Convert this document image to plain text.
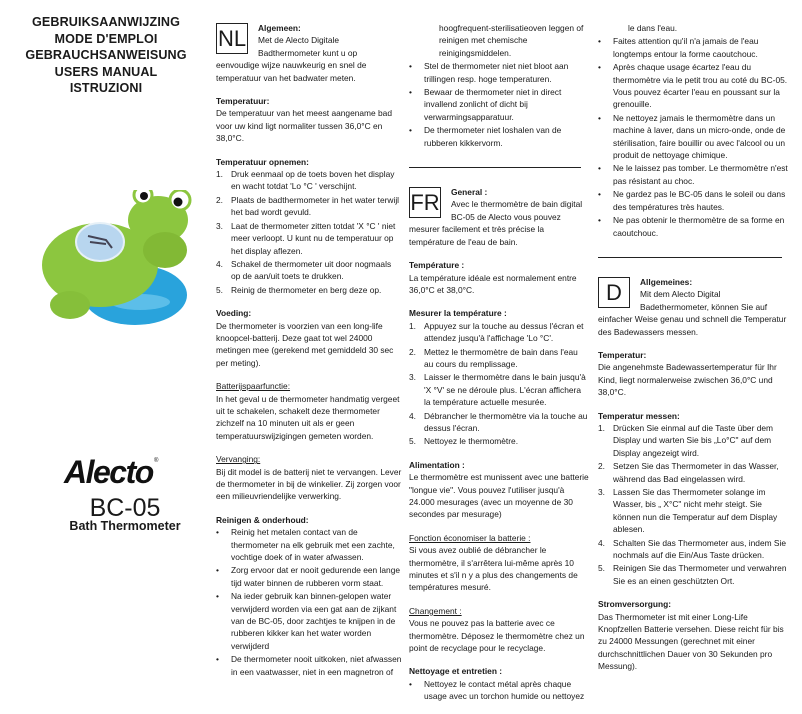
GEBRUIKSAANWIJZING
MODE D'EMPLOI
GEBRAUCHSANWEISUNG
USERS MANUAL
ISTRUZIONI
Alecto ®
BC-05
Bath Thermometer
NL	Algemeen:
Met de Alecto Digitale Badthermometer kunt u op eenvoudige wijze nauwkeurig en snel de temperatuur van het badwater meten.
Temperatuur:
De temperatuur van het meest aangename bad voor uw kind ligt normaliter tussen 36,0°C en 38,0°C.
Temperatuur opnemen:
1. Druk eenmaal op de toets boven het display en wacht totdat 'Lo °C ' verschijnt.
2. Plaats de badthermometer in het water terwijl het bad wordt gevuld.
3. Laat de thermometer zitten totdat 'X °C ' niet meer verloopt. U kunt nu de temperatuur op het display aflezen.
4. Schakel de thermometer uit door nogmaals op de aan/uit toets te drukken.
5. Reinig de thermometer en berg deze op.
Voeding:
De thermometer is voorzien van een long-life knoopcel-batterij. Deze gaat tot wel 24000 metingen mee (gerekend met gemiddeld 30 sec per meting).
Batterijspaarfunctie:
In het geval u de thermometer handmatig vergeet uit te schakelen, schakelt deze thermometer zichzelf na 10 minuten uit als er geen temperatuurswijzigingen gemeten worden.
Vervanging:
Bij dit model is de batterij niet te vervangen. Lever de thermometer in bij de winkelier. Zij zorgen voor een milieuvriendelijke verwerking.
Reinigen & onderhoud:
• Reinig het metalen contact van de thermometer na elk gebruik met een zachte, vochtige doek of in water afwassen.
• Zorg ervoor dat er nooit gedurende een lange tijd water binnen de rubberen vorm staat.
• Na ieder gebruik kan binnen-gelopen water verwijderd worden via een gat aan de zijkant van de BC-05, door zachtjes te knijpen in de rubberen kikker kan het water worden verwijderd
• De thermometer nooit uitkoken, niet afwassen in een vaatwasser, niet in een magnetron of
hoogfrequent-sterilisatieoven leggen of reinigen met chemische reinigingsmiddelen.
• Stel de thermometer niet niet bloot aan trillingen resp. hoge temperaturen.
• Bewaar de thermometer niet in direct invallend zonlicht of dicht bij verwarmingsapparatuur.
• De thermometer niet loshalen van de rubberen kikkervorm.
FR	General :
Avec le thermomètre de bain digital BC-05 de Alecto vous pouvez mesurer facilement et très précise la température de l'eau de bain.
Température :
La température idéale est normalement entre 36,0°C et 38,0°C.
Mesurer la température :
1. Appuyez sur la touche au dessus l'écran et attendez jusqu'à l'affichage 'Lo °C'.
2. Mettez le thermomètre de bain dans l'eau au cours du remplissage.
3. Laisser le thermomètre dans le bain jusqu'à 'X °V' se ne déroule plus. L'écran affichera la température actuelle mesurée.
4. Débrancher le thermomètre via la touche au dessus l'écran.
5. Nettoyez le thermomètre.
Alimentation :
Le thermomètre est munissent avec une batterie "longue vie". Vous pouvez l'utiliser jusqu'à 24.000 mesurages (avec un moyenne de 30 secondes par mesurage)
Fonction économiser la batterie :
Si vous avez oublié de débrancher le thermomètre, il s'arrêtera lui-même après 10 minutes et s'il n y a plus des changements de températures mesuré.
Changement :
Vous ne pouvez pas la batterie avec ce thermomètre. Déposez le thermomètre chez un point de recyclage pour le recyclage.
Nettoyage et entretien :
• Nettoyez le contact métal après chaque usage avec un torchon humide ou nettoyez
le dans l'eau.
• Faites attention qu'il n'a jamais de l'eau longtemps entour la forme caoutchouc.
• Après chaque usage écartez l'eau du thermomètre via le petit trou au coté du BC-05. Vous pouvez écarter l'eau en poussant sur la grenouille.
• Ne nettoyez jamais le thermomètre dans un machine à laver, dans un micro-onde, onde de stérilisation, faire bouillir ou avec l'alcool ou un produit de nettoyage chimique.
• Ne le laissez pas tomber. Le thermomètre n'est pas résistant au choc.
• Ne gardez pas le BC-05 dans le soleil ou dans des températures très hautes.
• Ne pas obtenir le thermomètre de sa forme en caoutchouc.
D	Allgemeines:
Mit dem Alecto Digital Badethermometer, können Sie auf einfacher Weise genau und schnell die Temperatur des Badewassers messen.
Temperatur:
Die angenehmste Badewassertemperatur für Ihr Kind, liegt normalerweise zwischen 36,0°C und 38,0°C.
Temperatur messen:
1. Drücken Sie einmal auf die Taste über dem Display und warten Sie bis „Lo°C" auf dem Display angezeigt wird.
2. Setzen Sie das Thermometer in das Wasser, während das Bad eingelassen wird.
3. Lassen Sie das Thermometer solange im Wasser, bis „ X°C" nicht mehr steigt. Sie können nun die Temperatur auf dem Display ablesen.
4. Schalten Sie das Thermometer aus, indem Sie nochmals auf die Ein/Aus Taste drücken.
5. Reinigen Sie das Thermometer und verwahren Sie es an einen geschützten Ort.
Stromversorgung:
Das Thermometer ist mit einer Long-Life Knopfzellen Batterie versehen. Diese reicht für bis zu 24000 Messungen (gerechnet mit einer durchschnittlichen Dauer von 30 Sekunden pro Messung).
